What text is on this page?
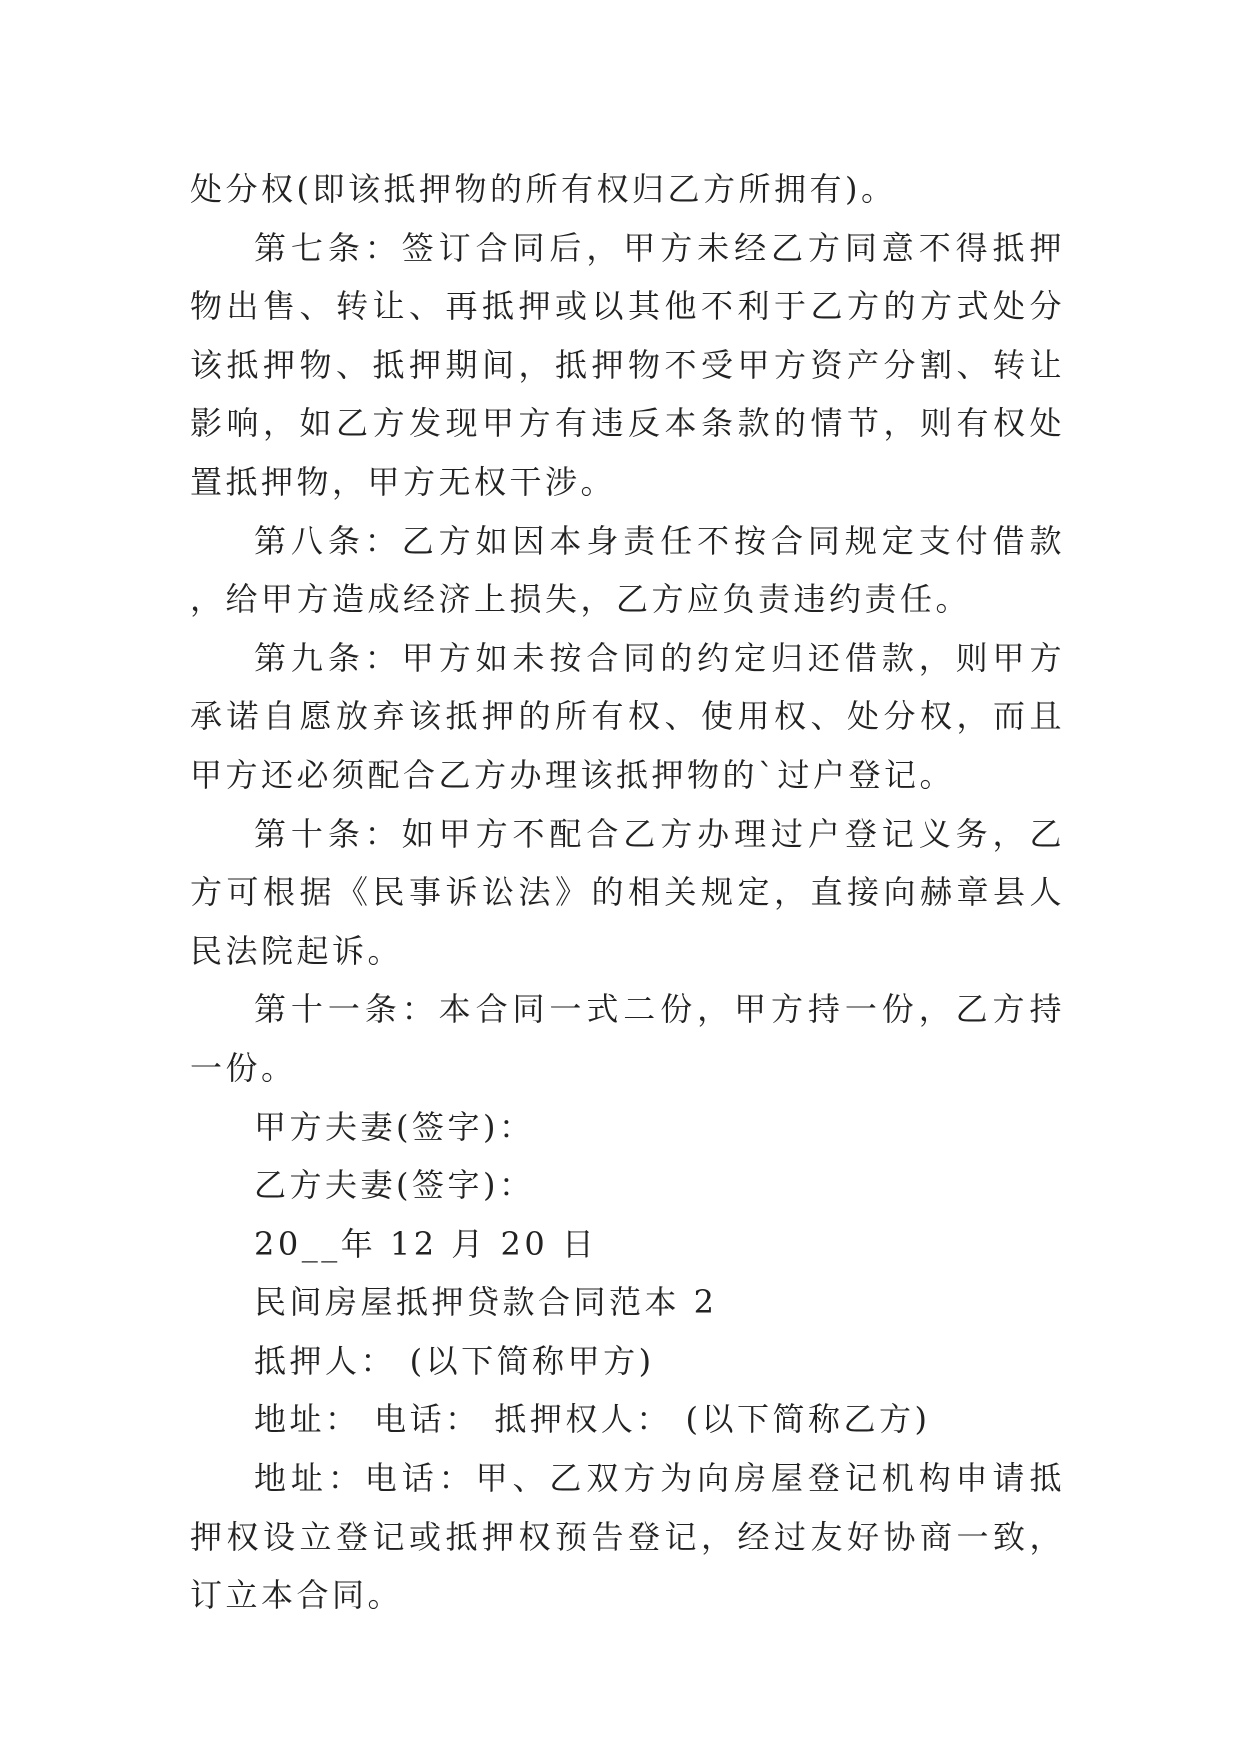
处分权(即该抵押物的所有权归乙方所拥有)。

第七条：签订合同后，甲方未经乙方同意不得抵押物出售、转让、再抵押或以其他不利于乙方的方式处分该抵押物、抵押期间，抵押物不受甲方资产分割、转让影响，如乙方发现甲方有违反本条款的情节，则有权处置抵押物，甲方无权干涉。

第八条：乙方如因本身责任不按合同规定支付借款，给甲方造成经济上损失，乙方应负责违约责任。

第九条：甲方如未按合同的约定归还借款，则甲方承诺自愿放弃该抵押的所有权、使用权、处分权，而且甲方还必须配合乙方办理该抵押物的`过户登记。

第十条：如甲方不配合乙方办理过户登记义务，乙方可根据《民事诉讼法》的相关规定，直接向赫章县人民法院起诉。

第十一条：本合同一式二份，甲方持一份，乙方持一份。

甲方夫妻(签字)：

乙方夫妻(签字)：

20__年 12 月 20 日

民间房屋抵押贷款合同范本 2

抵押人： (以下简称甲方)

地址： 电话： 抵押权人： (以下简称乙方)

地址：电话：甲、乙双方为向房屋登记机构申请抵押权设立登记或抵押权预告登记，经过友好协商一致，订立本合同。
